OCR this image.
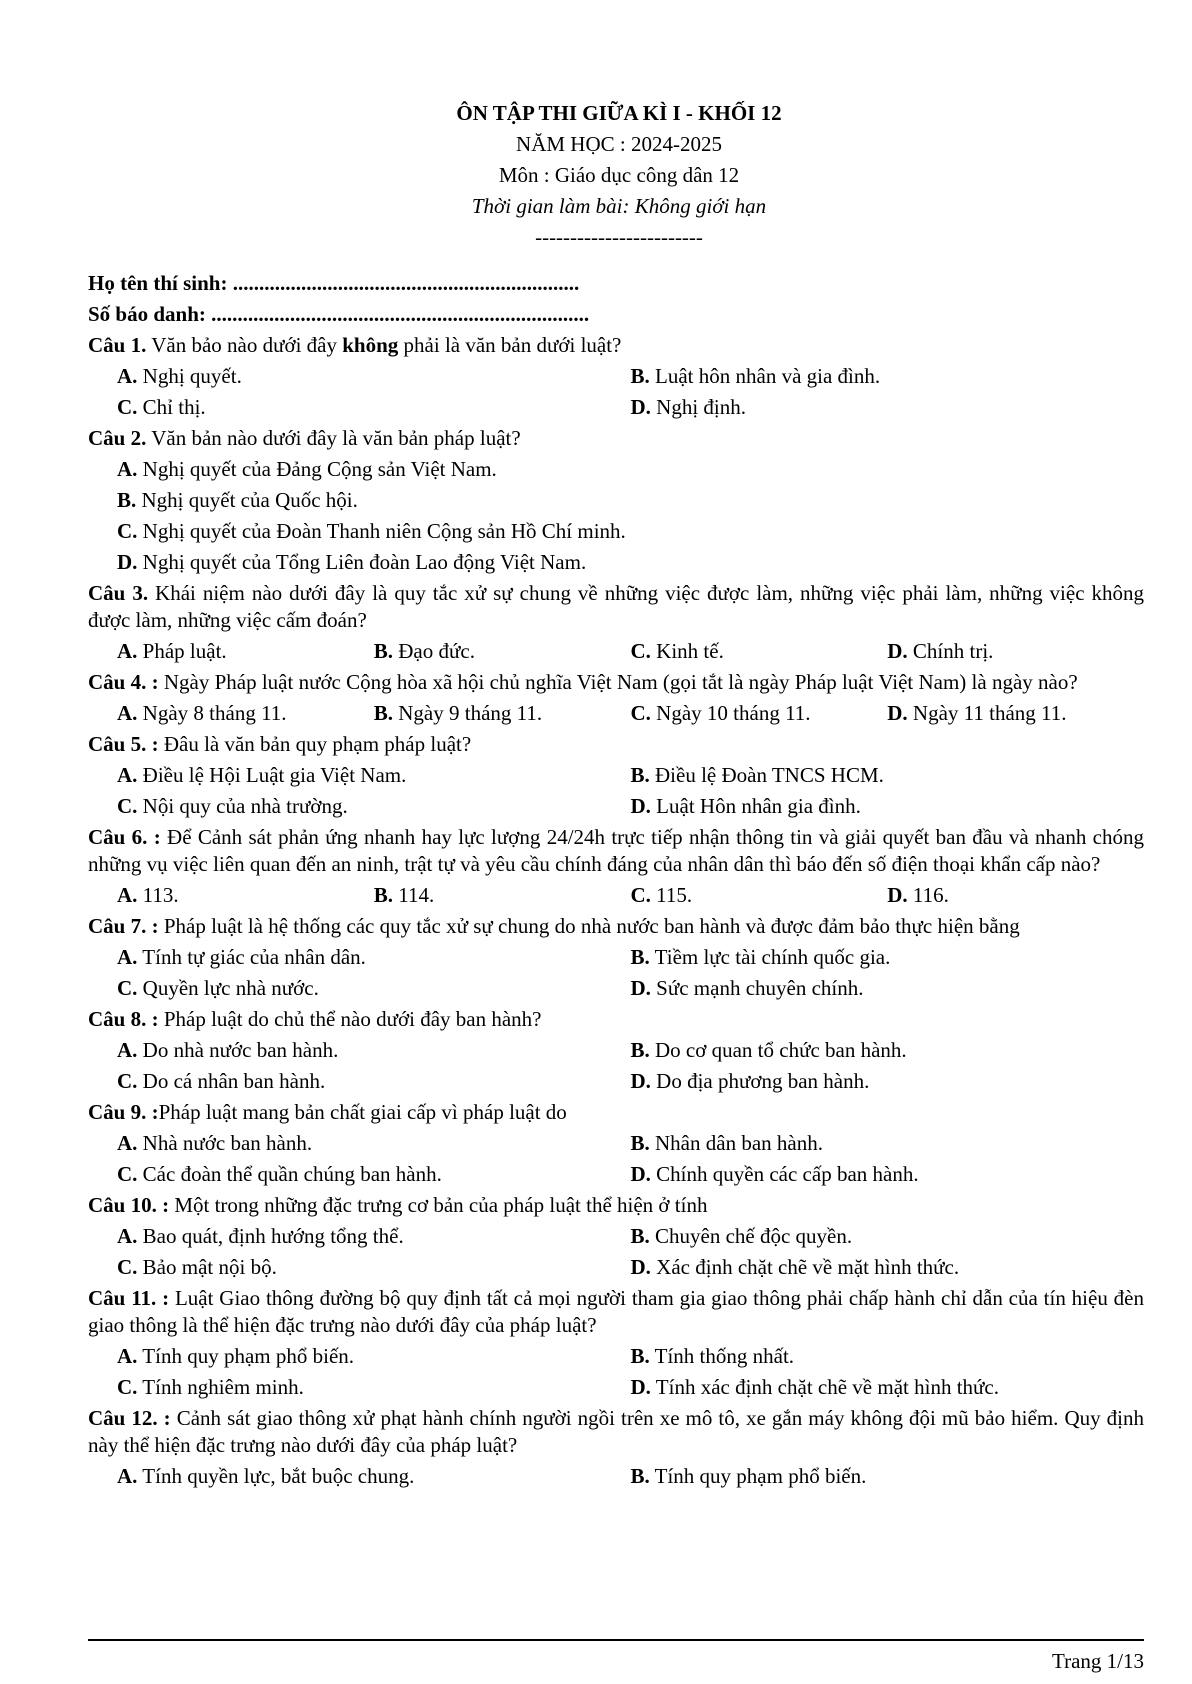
ÔN TẬP THI GIỮA KÌ I - KHỐI 12
NĂM HỌC : 2024-2025
Môn : Giáo dục công dân 12
Thời gian làm bài: Không giới hạn
------------------------
Họ tên thí sinh: ..................................................................
Số báo danh: ........................................................................
Câu 1. Văn bảo nào dưới đây không phải là văn bản dưới luật?
A. Nghị quyết.	B. Luật hôn nhân và gia đình.
C. Chỉ thị.	D. Nghị định.
Câu 2. Văn bản nào dưới đây là văn bản pháp luật?
A. Nghị quyết của Đảng Cộng sản Việt Nam.
B. Nghị quyết của Quốc hội.
C. Nghị quyết của Đoàn Thanh niên Cộng sản Hồ Chí minh.
D. Nghị quyết của Tổng Liên đoàn Lao động Việt Nam.
Câu 3. Khái niệm nào dưới đây là quy tắc xử sự chung về những việc được làm, những việc phải làm, những việc không được làm, những việc cấm đoán?
A. Pháp luật.	B. Đạo đức.	C. Kinh tế.	D. Chính trị.
Câu 4. : Ngày Pháp luật nước Cộng hòa xã hội chủ nghĩa Việt Nam (gọi tắt là ngày Pháp luật Việt Nam) là ngày nào?
A. Ngày 8 tháng 11.	B. Ngày 9 tháng 11.	C. Ngày 10 tháng 11.	D. Ngày 11 tháng 11.
Câu 5. : Đâu là văn bản quy phạm pháp luật?
A. Điều lệ Hội Luật gia Việt Nam.	B. Điều lệ Đoàn TNCS HCM.
C. Nội quy của nhà trường.	D. Luật Hôn nhân gia đình.
Câu 6. : Để Cảnh sát phản ứng nhanh hay lực lượng 24/24h trực tiếp nhận thông tin và giải quyết ban đầu và nhanh chóng những vụ việc liên quan đến an ninh, trật tự và yêu cầu chính đáng của nhân dân thì báo đến số điện thoại khẩn cấp nào?
A. 113.	B. 114.	C. 115.	D. 116.
Câu 7. : Pháp luật là hệ thống các quy tắc xử sự chung do nhà nước ban hành và được đảm bảo thực hiện bằng
A. Tính tự giác của nhân dân.	B. Tiềm lực tài chính quốc gia.
C. Quyền lực nhà nước.	D. Sức mạnh chuyên chính.
Câu 8. : Pháp luật do chủ thể nào dưới đây ban hành?
A. Do nhà nước ban hành.	B. Do cơ quan tổ chức ban hành.
C. Do cá nhân ban hành.	D. Do địa phương ban hành.
Câu 9. :Pháp luật mang bản chất giai cấp vì pháp luật do
A. Nhà nước ban hành.	B. Nhân dân ban hành.
C. Các đoàn thể quần chúng ban hành.	D. Chính quyền các cấp ban hành.
Câu 10. : Một trong những đặc trưng cơ bản của pháp luật thể hiện ở tính
A. Bao quát, định hướng tổng thể.	B. Chuyên chế độc quyền.
C. Bảo mật nội bộ.	D. Xác định chặt chẽ về mặt hình thức.
Câu 11. : Luật Giao thông đường bộ quy định tất cả mọi người tham gia giao thông phải chấp hành chỉ dẫn của tín hiệu đèn giao thông là thể hiện đặc trưng nào dưới đây của pháp luật?
A. Tính quy phạm phổ biến.	B. Tính thống nhất.
C. Tính nghiêm minh.	D. Tính xác định chặt chẽ về mặt hình thức.
Câu 12. : Cảnh sát giao thông xử phạt hành chính người ngồi trên xe mô tô, xe gắn máy không đội mũ bảo hiểm. Quy định này thể hiện đặc trưng nào dưới đây của pháp luật?
A. Tính quyền lực, bắt buộc chung.	B. Tính quy phạm phổ biến.
Trang 1/13
